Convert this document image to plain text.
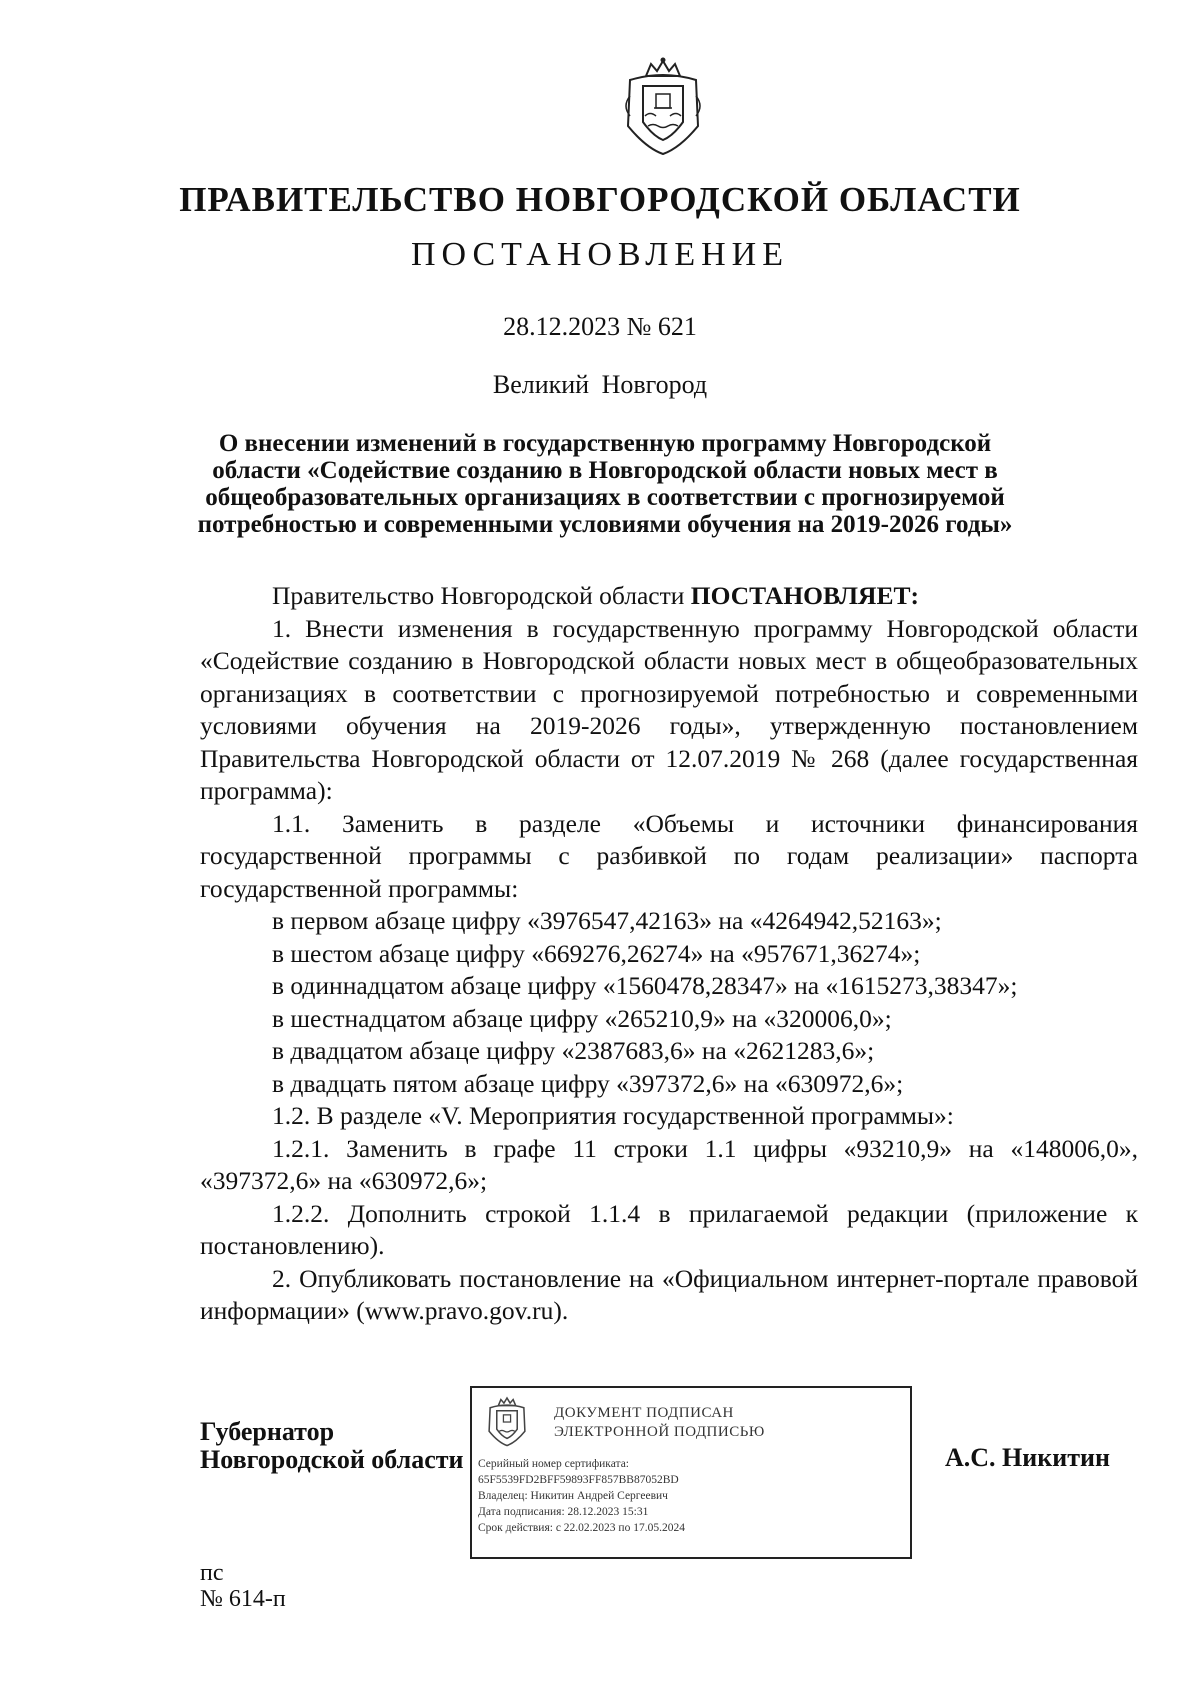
ПРАВИТЕЛЬСТВО НОВГОРОДСКОЙ ОБЛАСТИ
ПОСТАНОВЛЕНИЕ
28.12.2023 № 621
Великий Новгород
О внесении изменений в государственную программу Новгородской области «Содействие созданию в Новгородской области новых мест в общеобразовательных организациях в соответствии с прогнозируемой потребностью и современными условиями обучения на 2019-2026 годы»

Правительство Новгородской области ПОСТАНОВЛЯЕТ:

1. Внести изменения в государственную программу Новгородской области «Содействие созданию в Новгородской области новых мест в общеобразовательных организациях в соответствии с прогнозируемой потребностью и современными условиями обучения на 2019-2026 годы», утвержденную постановлением Правительства Новгородской области от 12.07.2019 № 268 (далее государственная программа):

1.1. Заменить в разделе «Объемы и источники финансирования государственной программы с разбивкой по годам реализации» паспорта государственной программы:

в первом абзаце цифру «3976547,42163» на «4264942,52163»;

в шестом абзаце цифру «669276,26274» на «957671,36274»;

в одиннадцатом абзаце цифру «1560478,28347» на «1615273,38347»;

в шестнадцатом абзаце цифру «265210,9» на «320006,0»;

в двадцатом абзаце цифру «2387683,6» на «2621283,6»;

в двадцать пятом абзаце цифру «397372,6» на «630972,6»;

1.2. В разделе «V. Мероприятия государственной программы»:

1.2.1. Заменить в графе 11 строки 1.1 цифры «93210,9» на «148006,0», «397372,6» на «630972,6»;

1.2.2. Дополнить строкой 1.1.4 в прилагаемой редакции (приложение к постановлению).

2. Опубликовать постановление на «Официальном интернет-портале правовой информации» (www.pravo.gov.ru).

Губернатор
Новгородской области
ДОКУМЕНТ ПОДПИСАН
ЭЛЕКТРОННОЙ ПОДПИСЬЮ
Серийный номер сертификата:
65F5539FD2BFF59893FF857BB87052BD
Владелец: Никитин Андрей Сергеевич
Дата подписания: 28.12.2023 15:31
Срок действия: с 22.02.2023 по 17.05.2024
А.С. Никитин
пс
№ 614-п
